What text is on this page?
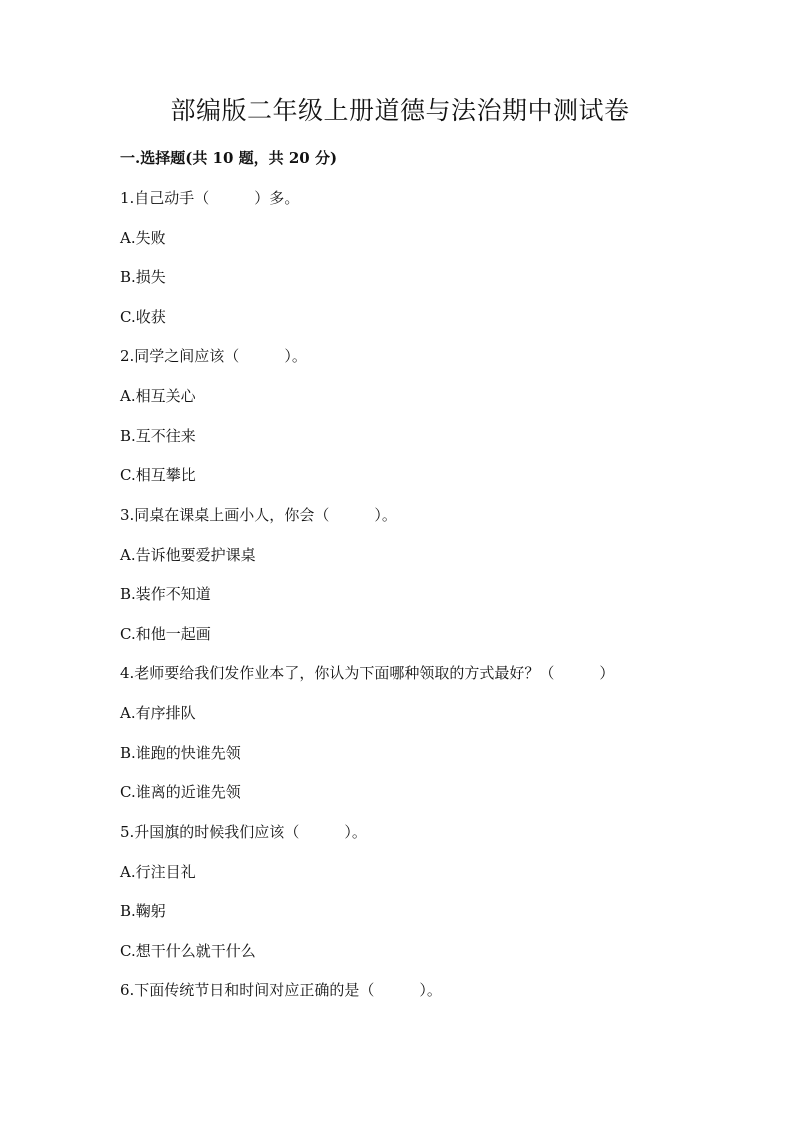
部编版二年级上册道德与法治期中测试卷
一.选择题(共 10 题，共 20 分)
1.自己动手（　　　）多。
A.失败
B.损失
C.收获
2.同学之间应该（　　　）。
A.相互关心
B.互不往来
C.相互攀比
3.同桌在课桌上画小人，你会（　　　）。
A.告诉他要爱护课桌
B.装作不知道
C.和他一起画
4.老师要给我们发作业本了，你认为下面哪种领取的方式最好？（　　　）
A.有序排队
B.谁跑的快谁先领
C.谁离的近谁先领
5.升国旗的时候我们应该（　　　）。
A.行注目礼
B.鞠躬
C.想干什么就干什么
6.下面传统节日和时间对应正确的是（　　　）。
